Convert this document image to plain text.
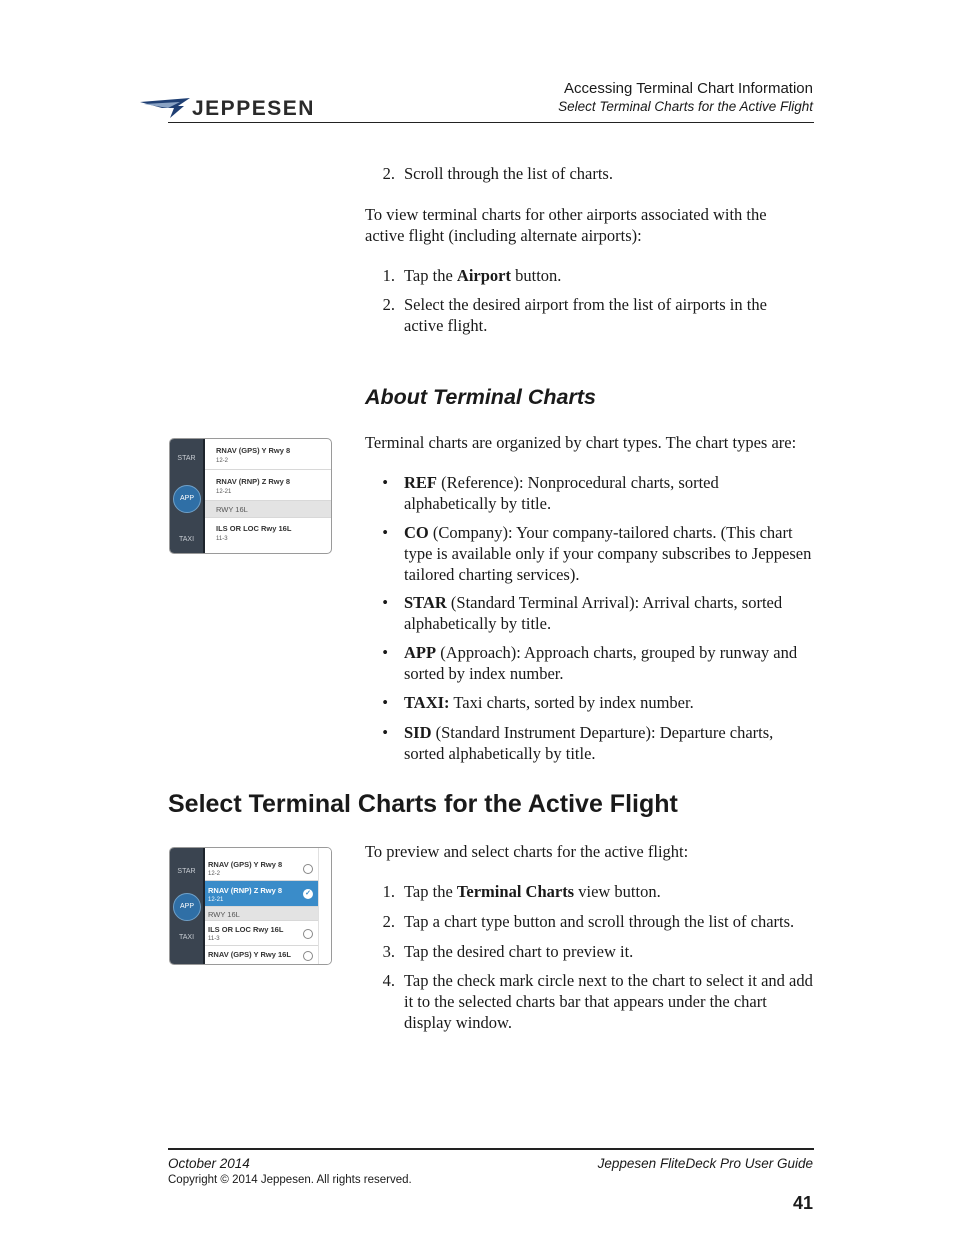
JEPPESEN
Accessing Terminal Chart Information
Select Terminal Charts for the Active Flight
2. Scroll through the list of charts.
To view terminal charts for other airports associated with the active flight (including alternate airports):
1. Tap the Airport button.
2. Select the desired airport from the list of airports in the active flight.
About Terminal Charts
Terminal charts are organized by chart types. The chart types are:
• REF (Reference): Nonprocedural charts, sorted alphabetically by title.
• CO (Company): Your company-tailored charts. (This chart type is available only if your company subscribes to Jeppesen tailored charting services).
• STAR (Standard Terminal Arrival): Arrival charts, sorted alphabetically by title.
• APP (Approach): Approach charts, grouped by runway and sorted by index number.
• TAXI: Taxi charts, sorted by index number.
• SID (Standard Instrument Departure): Departure charts, sorted alphabetically by title.
STAR
APP
TAXI
RNAV (GPS) Y Rwy 8
12-2
RNAV (RNP) Z Rwy 8
12-21
RWY 16L
ILS OR LOC Rwy 16L
11-3
Select Terminal Charts for the Active Flight
To preview and select charts for the active flight:
1. Tap the Terminal Charts view button.
2. Tap a chart type button and scroll through the list of charts.
3. Tap the desired chart to preview it.
4. Tap the check mark circle next to the chart to select it and add it to the selected charts bar that appears under the chart display window.
STAR
APP
TAXI
RNAV (GPS) Y Rwy 8
12-2
RNAV (RNP) Z Rwy 8
12-21
✓
RWY 16L
ILS OR LOC Rwy 16L
11-3
RNAV (GPS) Y Rwy 16L
October 2014	Jeppesen FliteDeck Pro User Guide
Copyright © 2014 Jeppesen. All rights reserved.
41
